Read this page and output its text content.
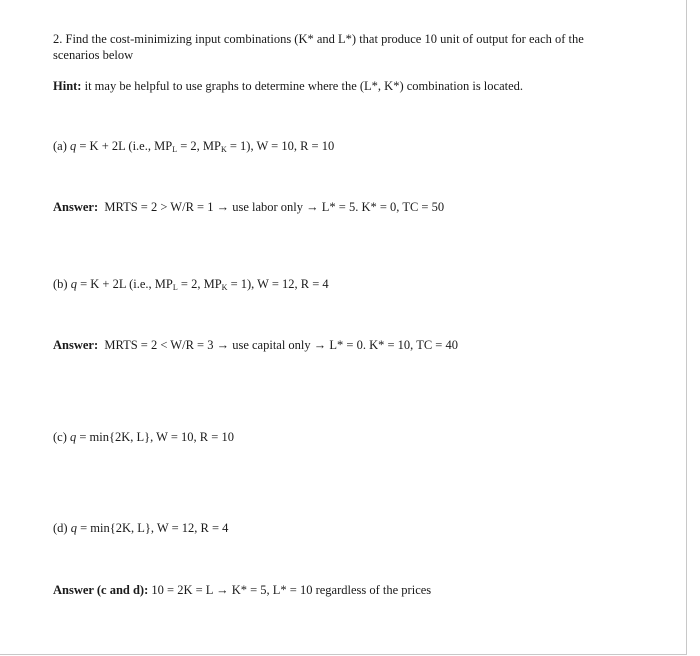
2. Find the cost-minimizing input combinations (K* and L*) that produce 10 unit of output for each of the scenarios below
Hint: it may be helpful to use graphs to determine where the (L*, K*) combination is located.
(a) q = K + 2L (i.e., $MP_L = 2$, $MP_K = 1$), W = 10, R = 10
Answer:  MRTS = 2 > W/R = 1 → use labor only → L* = 5. K* = 0, TC = 50
(b) q = K + 2L (i.e., $MP_L = 2$, $MP_K = 1$), W = 12, R = 4
Answer:  MRTS = 2 < W/R = 3 → use capital only → L* = 0. K* = 10, TC = 40
(c) q = min{2K, L}, W = 10, R = 10
(d) q = min{2K, L}, W = 12, R = 4
Answer (c and d): 10 = 2K = L → K* = 5, L* = 10 regardless of the prices
